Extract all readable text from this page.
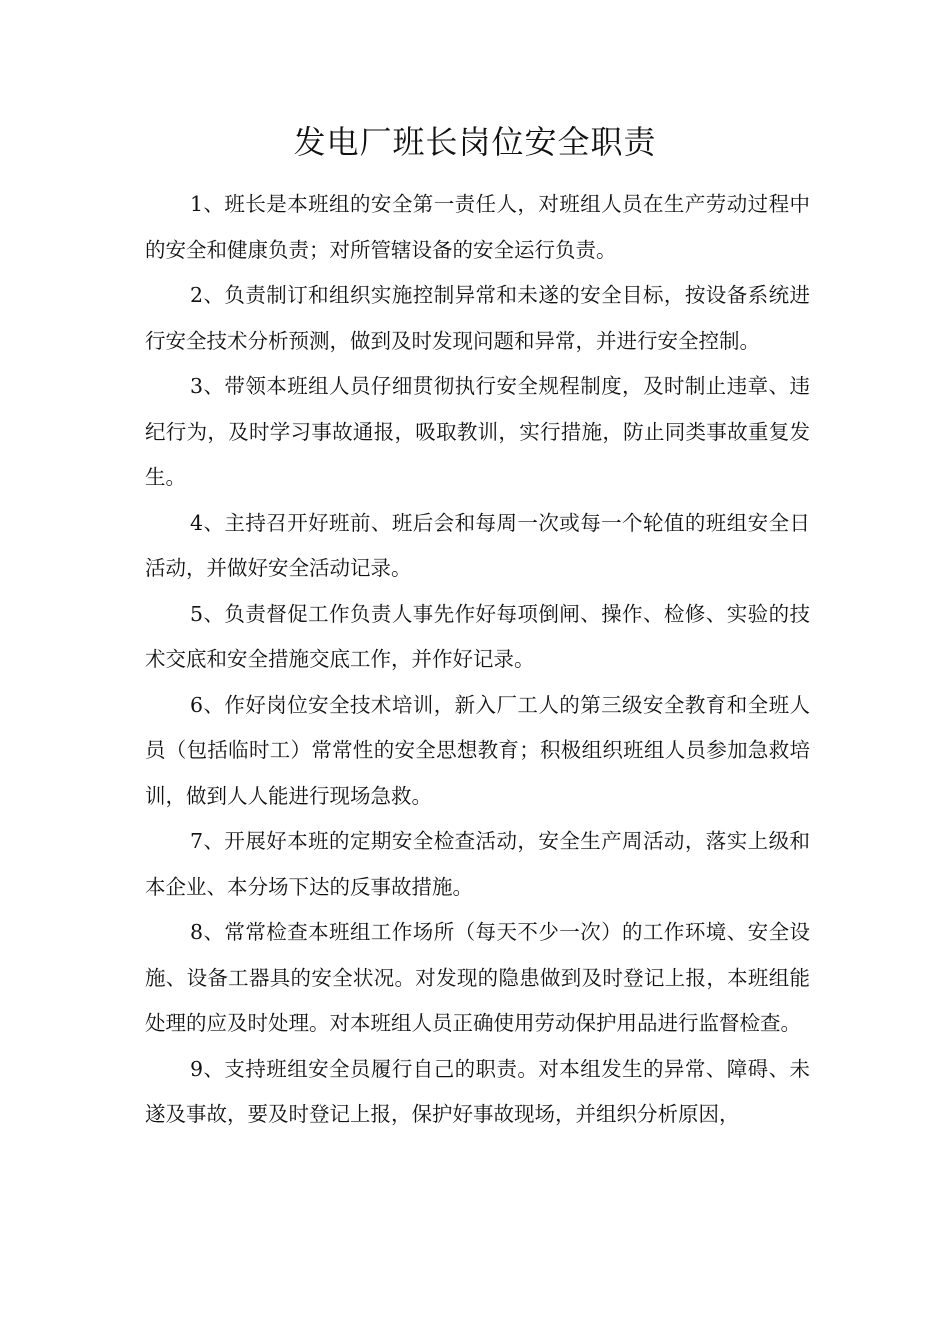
发电厂班长岗位安全职责

1、班长是本班组的安全第一责任人，对班组人员在生产劳动过程中的安全和健康负责；对所管辖设备的安全运行负责。

2、负责制订和组织实施控制异常和未遂的安全目标，按设备系统进行安全技术分析预测，做到及时发现问题和异常，并进行安全控制。

3、带领本班组人员仔细贯彻执行安全规程制度，及时制止违章、违纪行为，及时学习事故通报，吸取教训，实行措施，防止同类事故重复发生。

4、主持召开好班前、班后会和每周一次或每一个轮值的班组安全日活动，并做好安全活动记录。

5、负责督促工作负责人事先作好每项倒闸、操作、检修、实验的技术交底和安全措施交底工作，并作好记录。

6、作好岗位安全技术培训，新入厂工人的第三级安全教育和全班人员（包括临时工）常常性的安全思想教育；积极组织班组人员参加急救培训，做到人人能进行现场急救。

7、开展好本班的定期安全检查活动，安全生产周活动，落实上级和本企业、本分场下达的反事故措施。

8、常常检查本班组工作场所（每天不少一次）的工作环境、安全设施、设备工器具的安全状况。对发现的隐患做到及时登记上报，本班组能处理的应及时处理。对本班组人员正确使用劳动保护用品进行监督检查。

9、支持班组安全员履行自己的职责。对本组发生的异常、障碍、未遂及事故，要及时登记上报，保护好事故现场，并组织分析原因，
